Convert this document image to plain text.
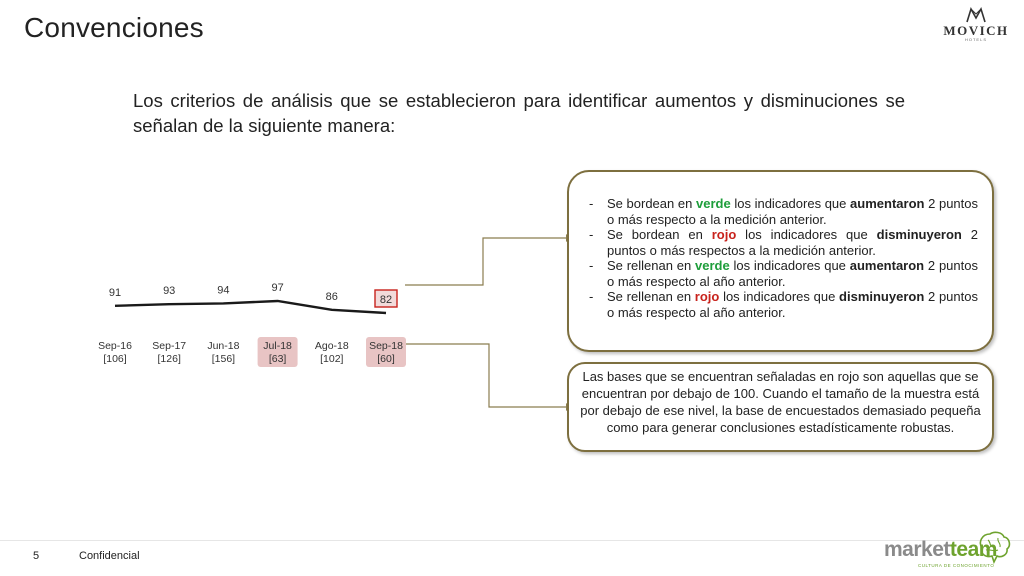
Convenciones	MOVICH
HOTELS
Los criterios de análisis que se establecieron para identificar aumentos y disminuciones se señalan de la siguiente manera:
91
Sep-16
[106]
93
Sep-17
[126]
94
Jun-18
[156]
97
Jul-18
[63]
86
Ago-18
[102]
82
Sep-18
[60]
- Se bordean en verde los indicadores que aumentaron 2 puntos o más respecto a la medición anterior.
- Se bordean en rojo los indicadores que disminuyeron 2 puntos o más respectos a la medición anterior.
- Se rellenan en verde los indicadores que aumentaron 2 puntos o más respecto al año anterior.
- Se rellenan en rojo los indicadores que disminuyeron 2 puntos o más respecto al año anterior.
Las bases que se encuentran señaladas en rojo son aquellas que se encuentran por debajo de 100. Cuando el tamaño de la muestra está por debajo de ese nivel, la base de encuestados demasiado pequeña como para generar conclusiones estadísticamente robustas.
5	Confidencial	marketteam
CULTURA DE CONOCIMIENTO
